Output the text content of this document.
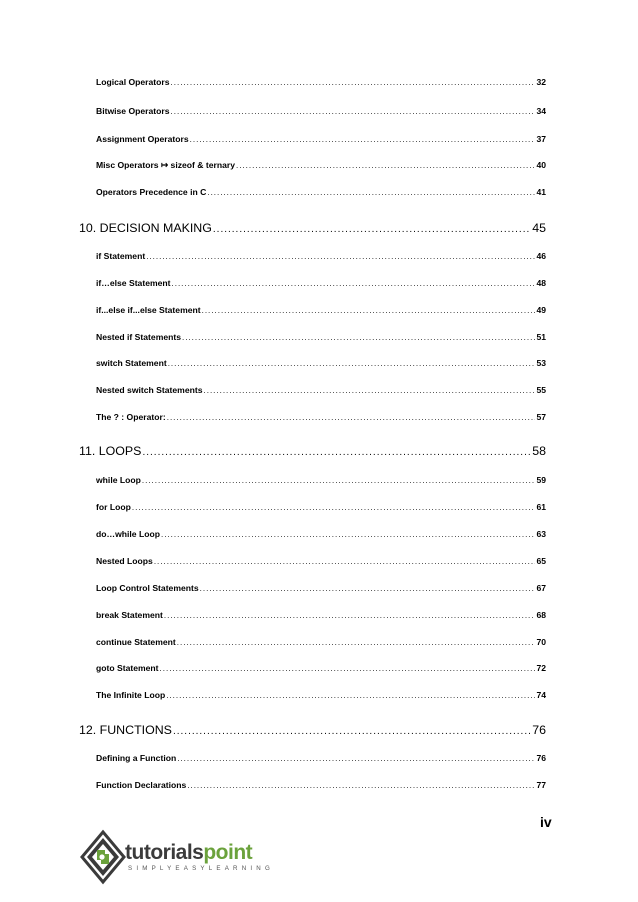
Logical Operators .....	32
Bitwise Operators .....	34
Assignment Operators .....	37
Misc Operators ↦ sizeof & ternary .....	40
Operators Precedence in C .....	41
10. DECISION MAKING .....	45
if Statement .....	46
if…else Statement .....	48
if...else if...else Statement .....	49
Nested if Statements .....	51
switch Statement .....	53
Nested switch Statements .....	55
The ? : Operator: .....	57
11. LOOPS .....	58
while Loop .....	59
for Loop .....	61
do…while Loop .....	63
Nested Loops .....	65
Loop Control Statements .....	67
break Statement .....	68
continue Statement .....	70
goto Statement .....	72
The Infinite Loop .....	74
12. FUNCTIONS .....	76
Defining a Function .....	76
Function Declarations .....	77
iv
tutorialspoint
SIMPLYEASYLEARNING
